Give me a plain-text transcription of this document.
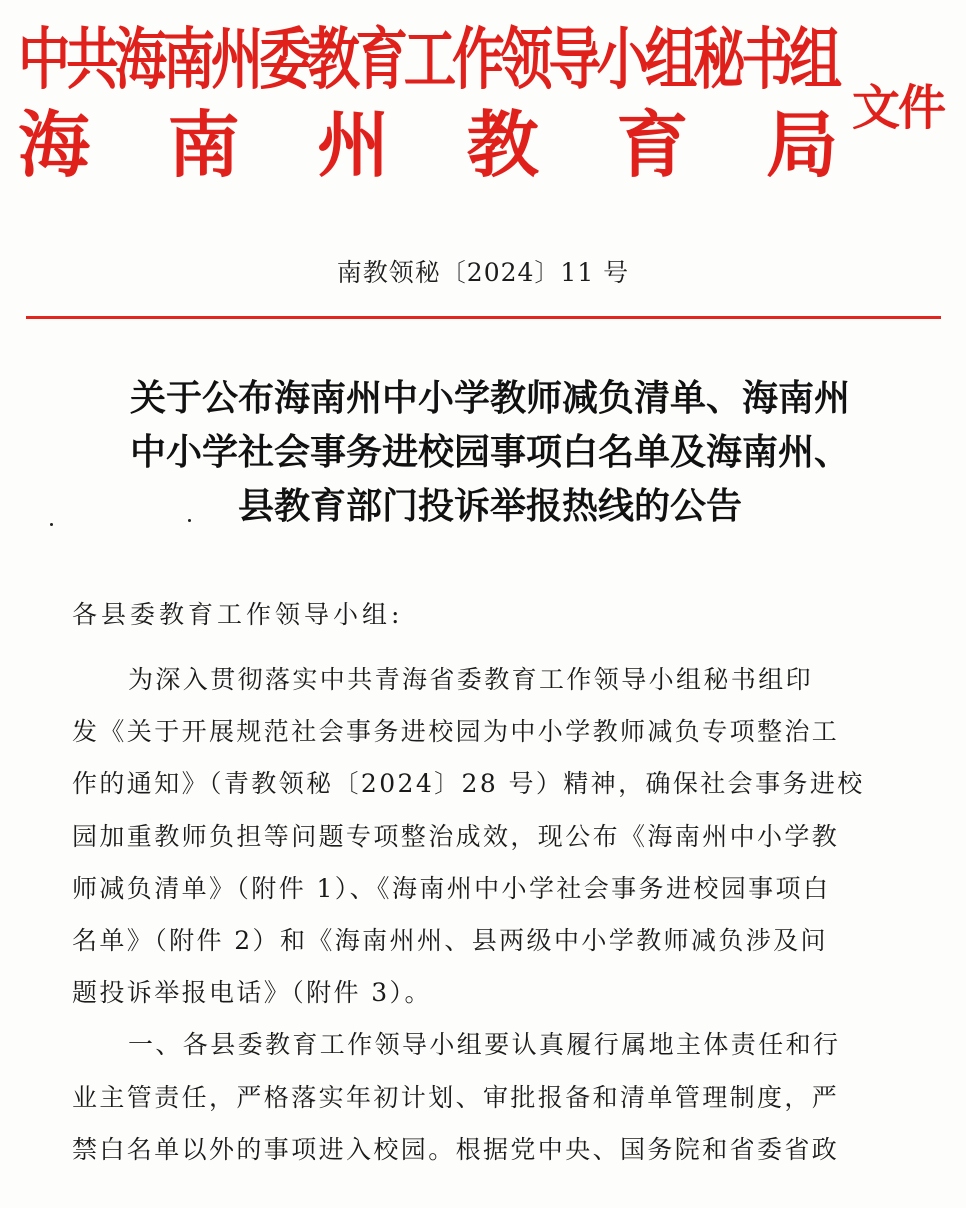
中共海南州委教育工作领导小组秘书组
海 南 州 教 育 局 文件
南教领秘〔2024〕11 号
关于公布海南州中小学教师减负清单、海南州
中小学社会事务进校园事项白名单及海南州、
县教育部门投诉举报热线的公告
各县委教育工作领导小组:
为深入贯彻落实中共青海省委教育工作领导小组秘书组印
发《关于开展规范社会事务进校园为中小学教师减负专项整治工
作的通知》（青教领秘〔2024〕28 号）精神，确保社会事务进校
园加重教师负担等问题专项整治成效，现公布《海南州中小学教
师减负清单》（附件 1）、《海南州中小学社会事务进校园事项白
名单》（附件 2）和《海南州州、县两级中小学教师减负涉及问
题投诉举报电话》（附件 3）。
一、各县委教育工作领导小组要认真履行属地主体责任和行
业主管责任，严格落实年初计划、审批报备和清单管理制度，严
禁白名单以外的事项进入校园。根据党中央、国务院和省委省政
